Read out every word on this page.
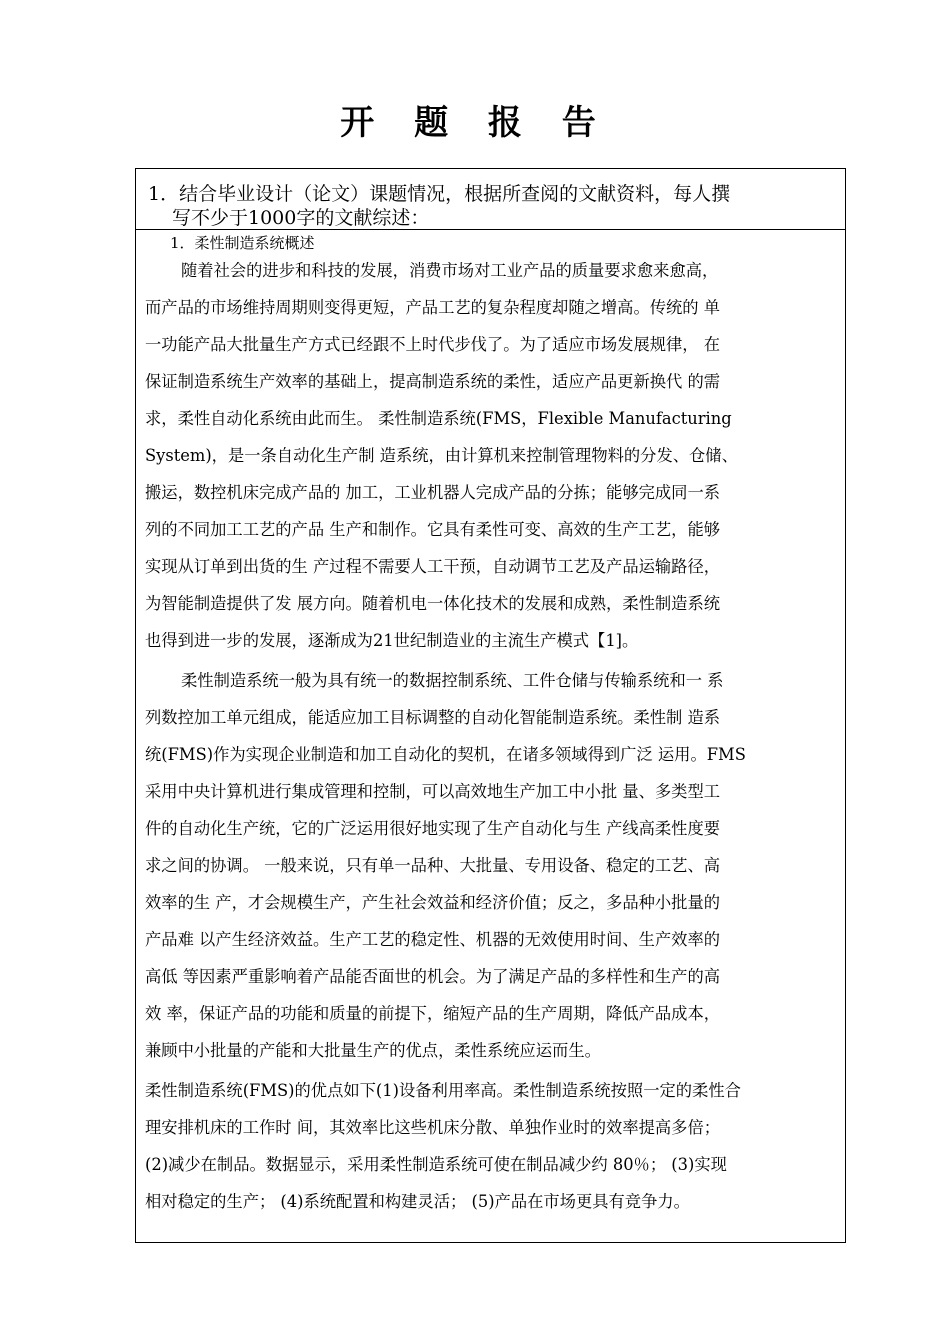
开 题 报 告
1．结合毕业设计（论文）课题情况，根据所查阅的文献资料，每人撰
写不少于1000字的文献综述：
1．柔性制造系统概述
随着社会的进步和科技的发展，消费市场对工业产品的质量要求愈来愈高，
而产品的市场维持周期则变得更短，产品工艺的复杂程度却随之增高。传统的 单
一功能产品大批量生产方式已经跟不上时代步伐了。为了适应市场发展规律， 在
保证制造系统生产效率的基础上，提高制造系统的柔性，适应产品更新换代 的需
求，柔性自动化系统由此而生。 柔性制造系统(FMS，Flexible Manufacturing
System)，是一条自动化生产制 造系统，由计算机来控制管理物料的分发、仓储、
搬运，数控机床完成产品的 加工，工业机器人完成产品的分拣；能够完成同一系
列的不同加工工艺的产品 生产和制作。它具有柔性可变、高效的生产工艺，能够
实现从订单到出货的生 产过程不需要人工干预，自动调节工艺及产品运输路径，
为智能制造提供了发 展方向。随着机电一体化技术的发展和成熟，柔性制造系统
也得到进一步的发展，逐渐成为21世纪制造业的主流生产模式【1]。
柔性制造系统一般为具有统一的数据控制系统、工件仓储与传输系统和一 系
列数控加工单元组成，能适应加工目标调整的自动化智能制造系统。柔性制 造系
统(FMS)作为实现企业制造和加工自动化的契机，在诸多领域得到广泛 运用。FMS
采用中央计算机进行集成管理和控制，可以高效地生产加工中小批 量、多类型工
件的自动化生产统，它的广泛运用很好地实现了生产自动化与生 产线高柔性度要
求之间的协调。 一般来说，只有单一品种、大批量、专用设备、稳定的工艺、高
效率的生 产，才会规模生产，产生社会效益和经济价值；反之，多品种小批量的
产品难 以产生经济效益。生产工艺的稳定性、机器的无效使用时间、生产效率的
高低 等因素严重影响着产品能否面世的机会。为了满足产品的多样性和生产的高
效 率，保证产品的功能和质量的前提下，缩短产品的生产周期，降低产品成本，
兼顾中小批量的产能和大批量生产的优点，柔性系统应运而生。
柔性制造系统(FMS)的优点如下(1)设备利用率高。柔性制造系统按照一定的柔性合
理安排机床的工作时 间，其效率比这些机床分散、单独作业时的效率提高多倍；
(2)减少在制品。数据显示，采用柔性制造系统可使在制品减少约 80％； (3)实现
相对稳定的生产； (4)系统配置和构建灵活； (5)产品在市场更具有竞争力。
